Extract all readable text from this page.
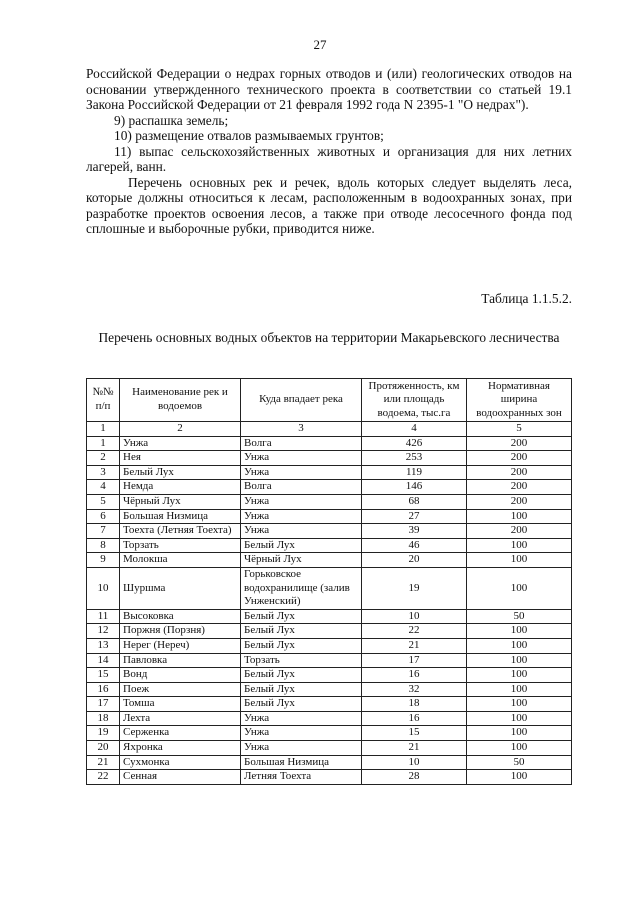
27

Российской Федерации о недрах горных отводов и (или) геологических отводов на основании утвержденного технического проекта в соответствии со статьей 19.1 Закона Российской Федерации от 21 февраля 1992 года N 2395-1 "О недрах").

9) распашка земель;

10) размещение отвалов размываемых грунтов;

11) выпас сельскохозяйственных животных и организация для них летних лагерей, ванн.

Перечень основных рек и речек, вдоль которых следует выделять леса, которые должны относиться к лесам, расположенным в водоохранных зонах, при разработке проектов освоения лесов, а также при отводе лесосечного фонда под сплошные и выборочные рубки, приводится ниже.

Таблица 1.1.5.2.
Перечень основных водных объектов на территории Макарьевского лесничества
№№ п/п	Наименование рек и водоемов	Куда впадает река	Протяженность, км или площадь водоема, тыс.га	Нормативная ширина водоохранных зон
1	2	3	4	5
1	Унжа	Волга	426	200
2	Нея	Унжа	253	200
3	Белый Лух	Унжа	119	200
4	Немда	Волга	146	200
5	Чёрный Лух	Унжа	68	200
6	Большая Низмица	Унжа	27	100
7	Тоехта (Летняя Тоехта)	Унжа	39	200
8	Торзать	Белый Лух	46	100
9	Молокша	Чёрный Лух	20	100
10	Шуршма	Горьковское водохранилище (залив Унженский)	19	100
11	Высоковка	Белый Лух	10	50
12	Поржня (Порзня)	Белый Лух	22	100
13	Нерег (Нереч)	Белый Лух	21	100
14	Павловка	Торзать	17	100
15	Вонд	Белый Лух	16	100
16	Поеж	Белый Лух	32	100
17	Томша	Белый Лух	18	100
18	Лехта	Унжа	16	100
19	Серженка	Унжа	15	100
20	Яхронка	Унжа	21	100
21	Сухмонка	Большая Низмица	10	50
22	Сенная	Летняя Тоехта	28	100
